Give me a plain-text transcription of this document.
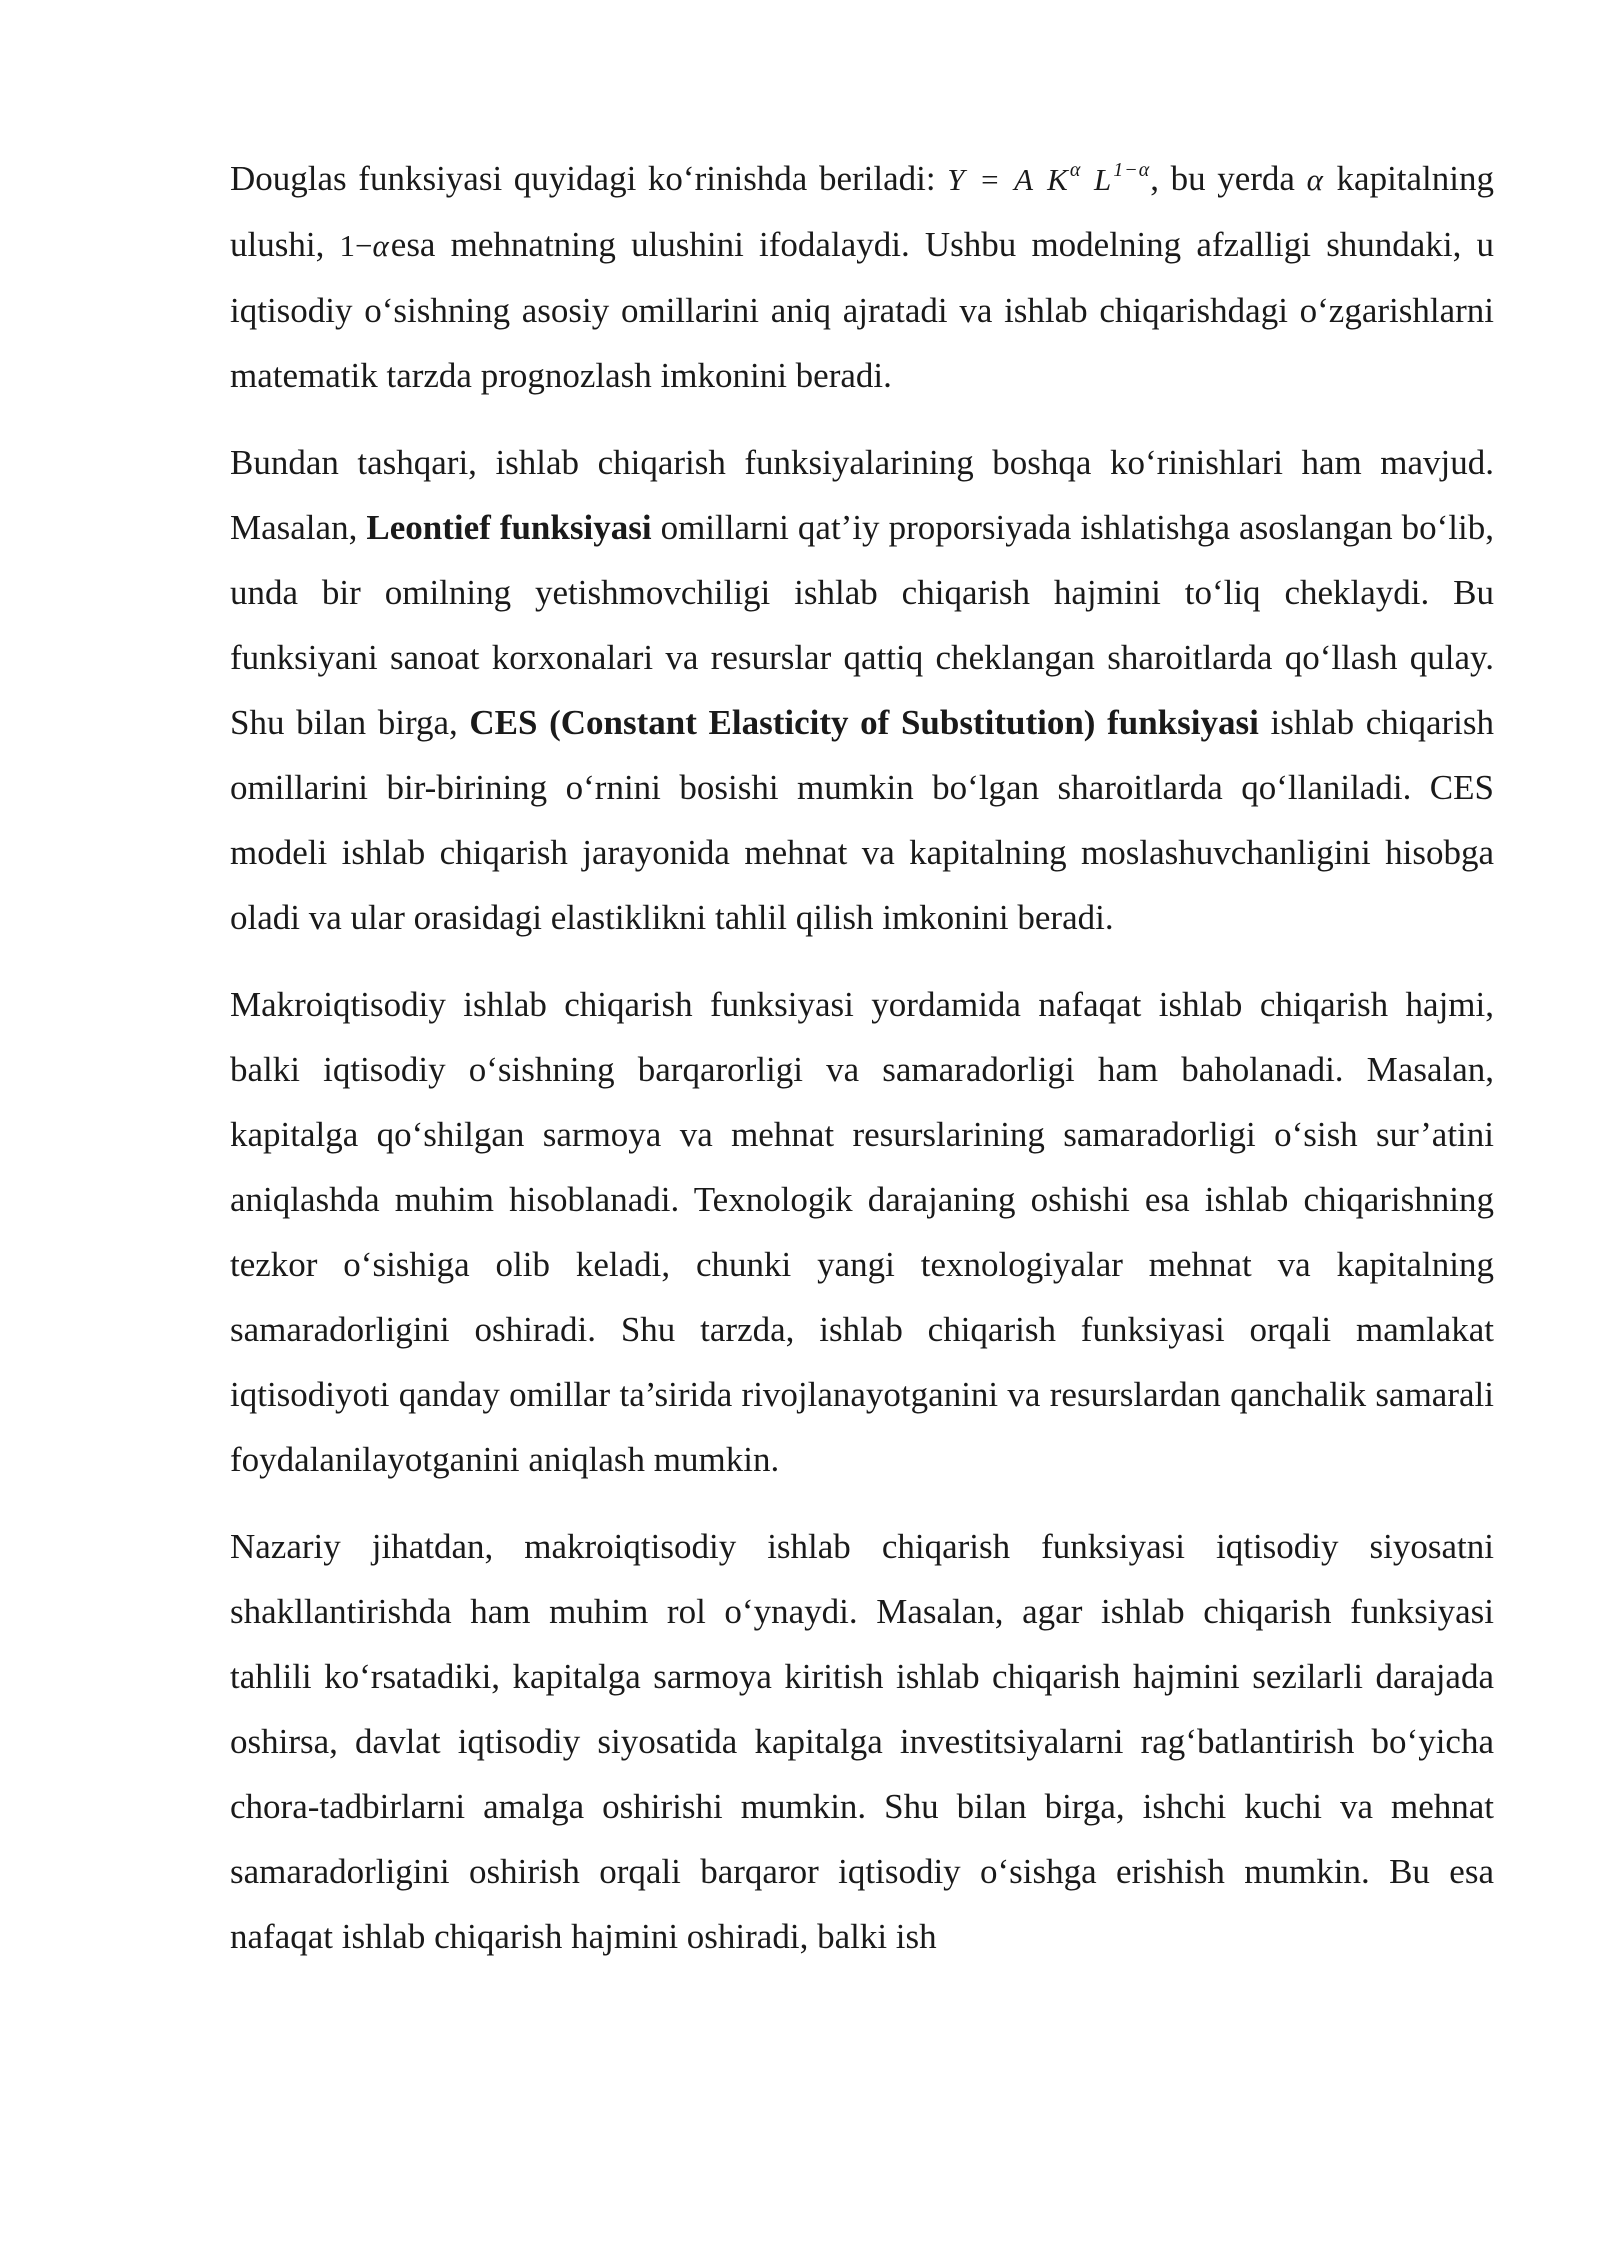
Douglas funksiyasi quyidagi ko‘rinishda beriladi: Y = A $K^\alpha$ $L^{1-\alpha}$, bu yerda α kapitalning ulushi, 1−αesa mehnatning ulushini ifodalaydi. Ushbu modelning afzalligi shundaki, u iqtisodiy o‘sishning asosiy omillarini aniq ajratadi va ishlab chiqarishdagi o‘zgarishlarni matematik tarzda prognozlash imkonini beradi.

Bundan tashqari, ishlab chiqarish funksiyalarining boshqa ko‘rinishlari ham mavjud. Masalan, Leontief funksiyasi omillarni qat’iy proporsiyada ishlatishga asoslangan bo‘lib, unda bir omilning yetishmovchiligi ishlab chiqarish hajmini to‘liq cheklaydi. Bu funksiyani sanoat korxonalari va resurslar qattiq cheklangan sharoitlarda qo‘llash qulay. Shu bilan birga, CES (Constant Elasticity of Substitution) funksiyasi ishlab chiqarish omillarini bir-birining o‘rnini bosishi mumkin bo‘lgan sharoitlarda qo‘llaniladi. CES modeli ishlab chiqarish jarayonida mehnat va kapitalning moslashuvchanligini hisobga oladi va ular orasidagi elastiklikni tahlil qilish imkonini beradi.

Makroiqtisodiy ishlab chiqarish funksiyasi yordamida nafaqat ishlab chiqarish hajmi, balki iqtisodiy o‘sishning barqarorligi va samaradorligi ham baholanadi. Masalan, kapitalga qo‘shilgan sarmoya va mehnat resurslarining samaradorligi o‘sish sur’atini aniqlashda muhim hisoblanadi. Texnologik darajaning oshishi esa ishlab chiqarishning tezkor o‘sishiga olib keladi, chunki yangi texnologiyalar mehnat va kapitalning samaradorligini oshiradi. Shu tarzda, ishlab chiqarish funksiyasi orqali mamlakat iqtisodiyoti qanday omillar ta’sirida rivojlanayotganini va resurslardan qanchalik samarali foydalanilayotganini aniqlash mumkin.

Nazariy jihatdan, makroiqtisodiy ishlab chiqarish funksiyasi iqtisodiy siyosatni shakllantirishda ham muhim rol o‘ynaydi. Masalan, agar ishlab chiqarish funksiyasi tahlili ko‘rsatadiki, kapitalga sarmoya kiritish ishlab chiqarish hajmini sezilarli darajada oshirsa, davlat iqtisodiy siyosatida kapitalga investitsiyalarni rag‘batlantirish bo‘yicha chora-tadbirlarni amalga oshirishi mumkin. Shu bilan birga, ishchi kuchi va mehnat samaradorligini oshirish orqali barqaror iqtisodiy o‘sishga erishish mumkin. Bu esa nafaqat ishlab chiqarish hajmini oshiradi, balki ish
